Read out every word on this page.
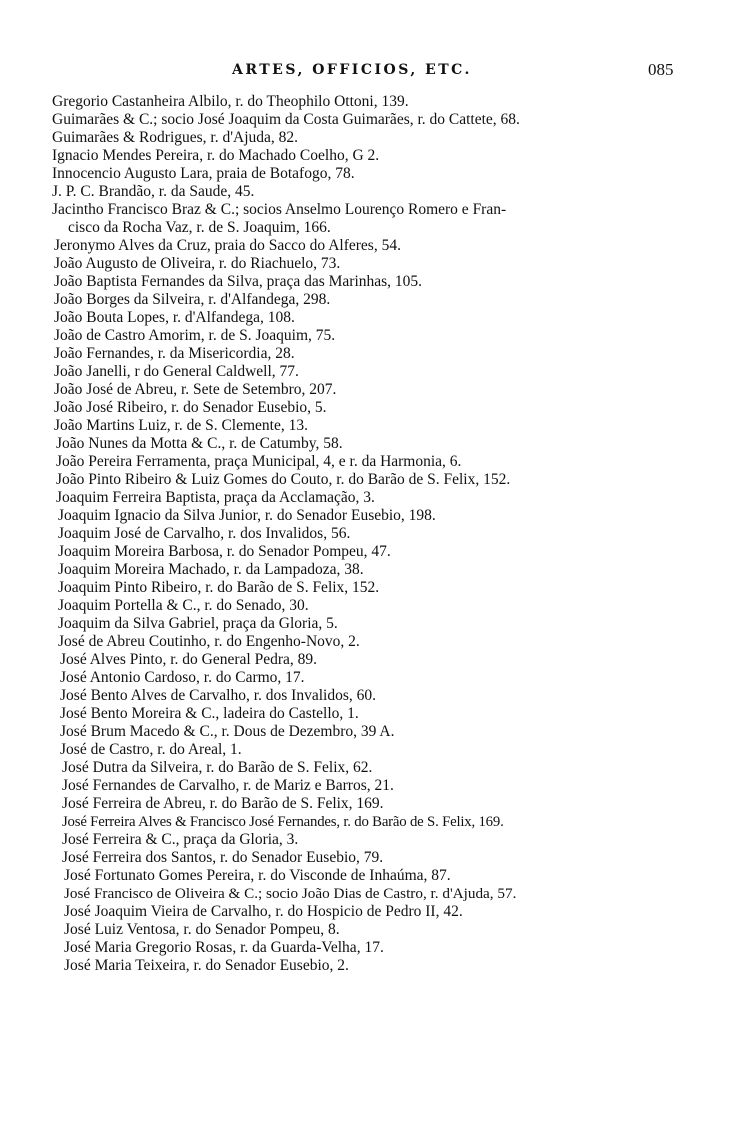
ARTES, OFFICIOS, ETC.	085
Gregorio Castanheira Albilo, r. do Theophilo Ottoni, 139.
Guimarães & C.; socio José Joaquim da Costa Guimarães, r. do Cattete, 68.
Guimarães & Rodrigues, r. d'Ajuda, 82.
Ignacio Mendes Pereira, r. do Machado Coelho, G 2.
Innocencio Augusto Lara, praia de Botafogo, 78.
J. P. C. Brandão, r. da Saude, 45.
Jacintho Francisco Braz & C.; socios Anselmo Lourenço Romero e Fran-
cisco da Rocha Vaz, r. de S. Joaquim, 166.
Jeronymo Alves da Cruz, praia do Sacco do Alferes, 54.
João Augusto de Oliveira, r. do Riachuelo, 73.
João Baptista Fernandes da Silva, praça das Marinhas, 105.
João Borges da Silveira, r. d'Alfandega, 298.
João Bouta Lopes, r. d'Alfandega, 108.
João de Castro Amorim, r. de S. Joaquim, 75.
João Fernandes, r. da Misericordia, 28.
João Janelli, r do General Caldwell, 77.
João José de Abreu, r. Sete de Setembro, 207.
João José Ribeiro, r. do Senador Eusebio, 5.
João Martins Luiz, r. de S. Clemente, 13.
João Nunes da Motta & C., r. de Catumby, 58.
João Pereira Ferramenta, praça Municipal, 4, e r. da Harmonia, 6.
João Pinto Ribeiro & Luiz Gomes do Couto, r. do Barão de S. Felix, 152.
Joaquim Ferreira Baptista, praça da Acclamação, 3.
Joaquim Ignacio da Silva Junior, r. do Senador Eusebio, 198.
Joaquim José de Carvalho, r. dos Invalidos, 56.
Joaquim Moreira Barbosa, r. do Senador Pompeu, 47.
Joaquim Moreira Machado, r. da Lampadoza, 38.
Joaquim Pinto Ribeiro, r. do Barão de S. Felix, 152.
Joaquim Portella & C., r. do Senado, 30.
Joaquim da Silva Gabriel, praça da Gloria, 5.
José de Abreu Coutinho, r. do Engenho-Novo, 2.
José Alves Pinto, r. do General Pedra, 89.
José Antonio Cardoso, r. do Carmo, 17.
José Bento Alves de Carvalho, r. dos Invalidos, 60.
José Bento Moreira & C., ladeira do Castello, 1.
José Brum Macedo & C., r. Dous de Dezembro, 39 A.
José de Castro, r. do Areal, 1.
José Dutra da Silveira, r. do Barão de S. Felix, 62.
José Fernandes de Carvalho, r. de Mariz e Barros, 21.
José Ferreira de Abreu, r. do Barão de S. Felix, 169.
José Ferreira Alves & Francisco José Fernandes, r. do Barão de S. Felix, 169.
José Ferreira & C., praça da Gloria, 3.
José Ferreira dos Santos, r. do Senador Eusebio, 79.
José Fortunato Gomes Pereira, r. do Visconde de Inhaúma, 87.
José Francisco de Oliveira & C.; socio João Dias de Castro, r. d'Ajuda, 57.
José Joaquim Vieira de Carvalho, r. do Hospicio de Pedro II, 42.
José Luiz Ventosa, r. do Senador Pompeu, 8.
José Maria Gregorio Rosas, r. da Guarda-Velha, 17.
José Maria Teixeira, r. do Senador Eusebio, 2.
